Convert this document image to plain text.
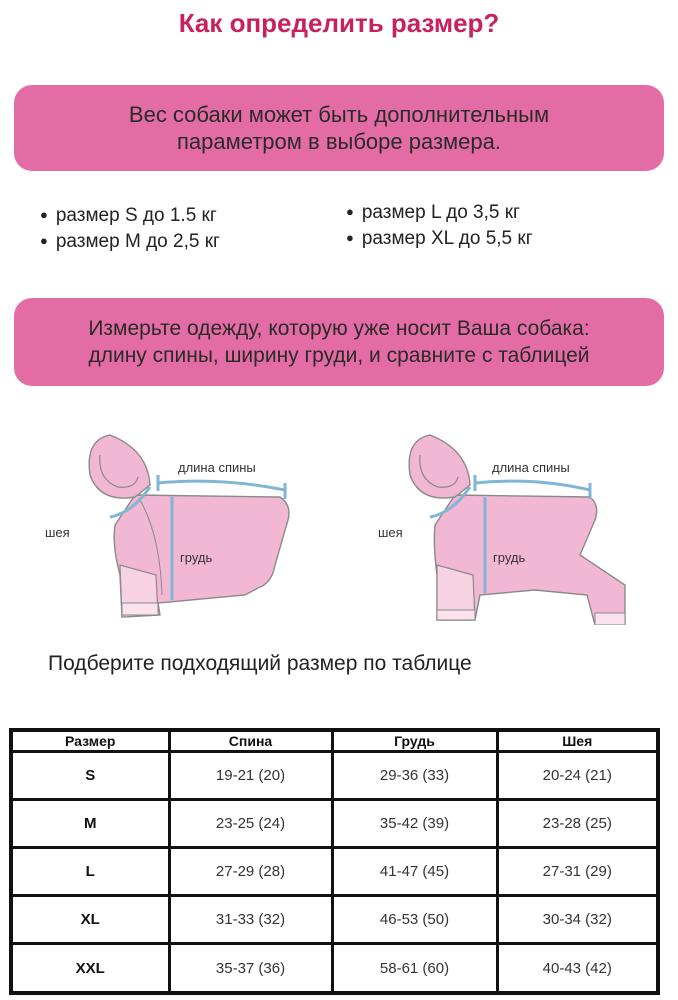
Как определить размер?
Вес собаки может быть дополнительным
параметром в выборе размера.
● размер S до 1.5 кг
● размер M до 2,5 кг
● размер L до 3,5 кг
● размер XL до 5,5 кг
Измерьте одежду, которую уже носит Ваша собака:
длину спины, ширину груди, и сравните с таблицей
длина спины
шея
грудь
длина спины
шея
грудь
Подберите подходящий размер по таблице
Размер	Спина	Грудь	Шея
S	19-21 (20)	29-36 (33)	20-24 (21)
M	23-25 (24)	35-42 (39)	23-28 (25)
L	27-29 (28)	41-47 (45)	27-31 (29)
XL	31-33 (32)	46-53 (50)	30-34 (32)
XXL	35-37 (36)	58-61 (60)	40-43 (42)
